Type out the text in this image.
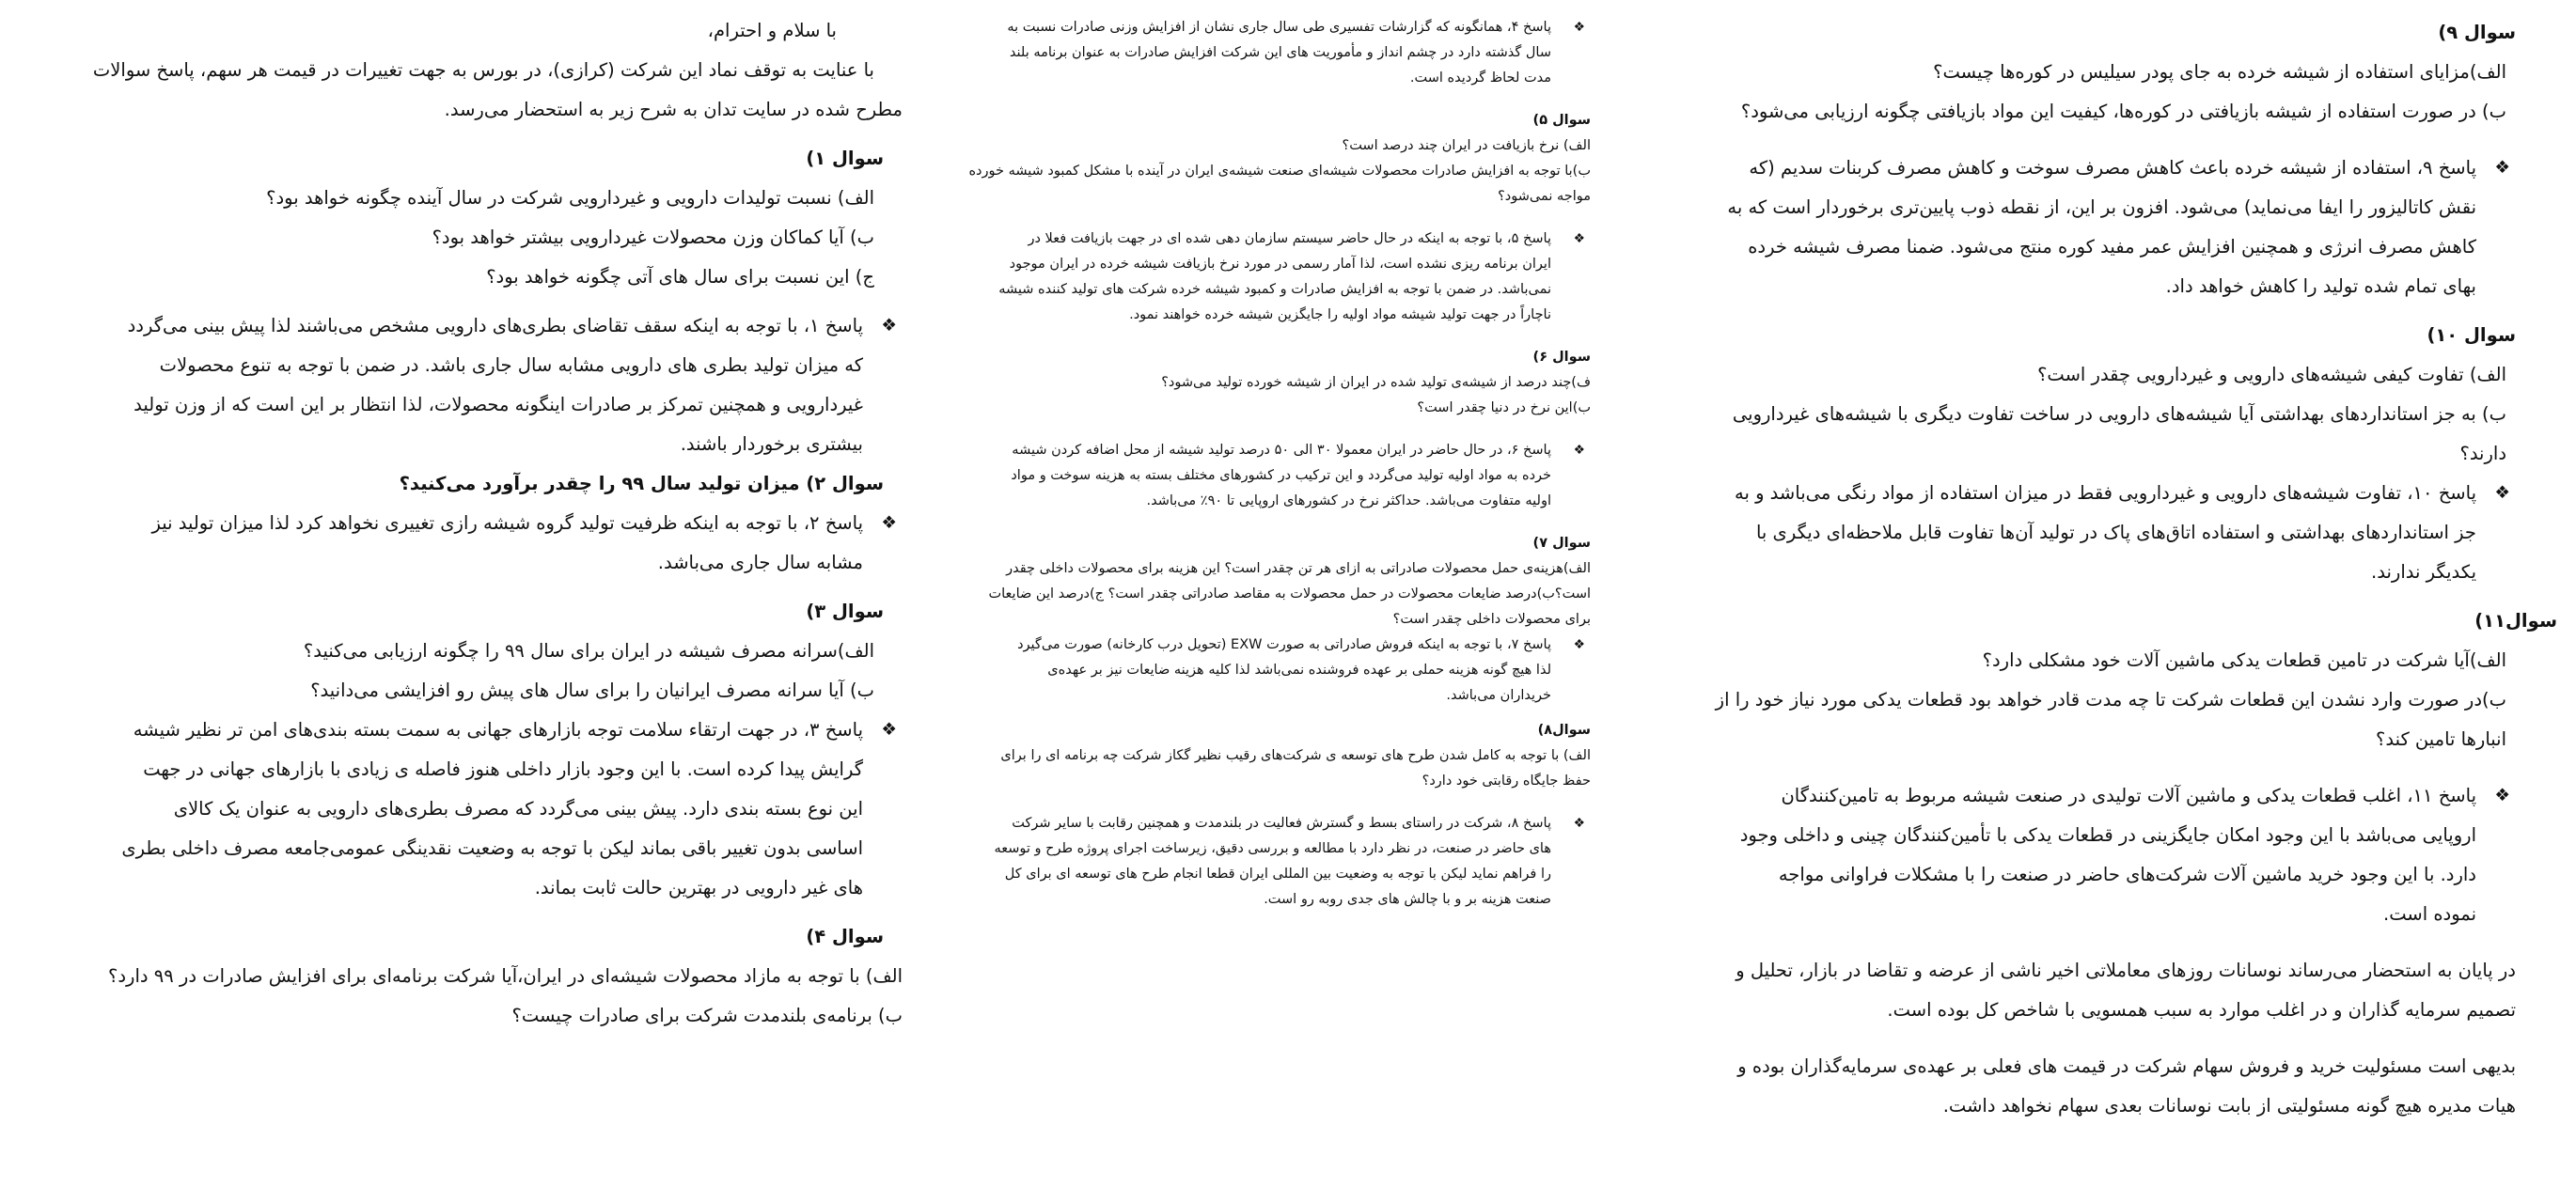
سوال ۹)
الف)مزایای استفاده از شیشه خرده به جای پودر سیلیس در کوره‌ها چیست؟
ب) در صورت استفاده از شیشه بازیافتی در کوره‌ها، کیفیت این مواد بازیافتی چگونه ارزیابی می‌شود؟
❖
پاسخ ۹، استفاده از شیشه خرده باعث کاهش مصرف سوخت و کاهش مصرف کربنات سدیم (که
نقش کاتالیزور را ایفا می‌نماید) می‌شود. افزون بر این، از نقطه ذوب پایین‌تری برخوردار است که به
کاهش مصرف انرژی و همچنین افزایش عمر مفید کوره منتج می‌شود. ضمنا مصرف شیشه خرده
بهای تمام شده تولید را کاهش خواهد داد.
سوال ۱۰)
الف) تفاوت کیفی شیشه‌های دارویی و غیردارویی چقدر است؟
ب) به جز استانداردهای بهداشتی آیا شیشه‌های دارویی در ساخت تفاوت دیگری با شیشه‌های غیردارویی
دارند؟
❖
پاسخ ۱۰، تفاوت شیشه‌های دارویی و غیردارویی فقط در میزان استفاده از مواد رنگی می‌باشد و به
جز استانداردهای بهداشتی و استفاده اتاق‌های پاک در تولید آن‌ها تفاوت قابل ملاحظه‌ای دیگری با
یکدیگر ندارند.
سوال۱۱)
الف)آیا شرکت در تامین قطعات یدکی ماشین آلات خود مشکلی دارد؟
ب)در صورت وارد نشدن این قطعات شرکت تا چه مدت قادر خواهد بود قطعات یدکی مورد نیاز خود را از
انبارها تامین کند؟
❖
پاسخ ۱۱، اغلب قطعات یدکی و ماشین آلات تولیدی در صنعت شیشه مربوط به تامین‌کنندگان
اروپایی می‌باشد با این وجود امکان جایگزینی در قطعات یدکی با تأمین‌کنندگان چینی و داخلی وجود
دارد. با این وجود خرید ماشین آلات شرکت‌های حاضر در صنعت را با مشکلات فراوانی مواجه
نموده است.
در پایان به استحضار می‌رساند نوسانات روزهای معاملاتی اخیر ناشی از عرضه و تقاضا در بازار، تحلیل و
تصمیم سرمایه گذاران و در اغلب موارد به سبب همسویی با شاخص کل بوده است.
بدیهی است مسئولیت خرید و فروش سهام شرکت در قیمت های فعلی بر عهده‌ی سرمایه‌گذاران بوده و
هیات مدیره هیچ گونه مسئولیتی از بابت نوسانات بعدی سهام نخواهد داشت.
❖
پاسخ ۴، همانگونه که گزارشات تفسیری طی سال جاری نشان از افزایش وزنی صادرات نسبت به
سال گذشته دارد در چشم انداز و مأموریت های این شرکت افزایش صادرات به عنوان برنامه بلند
مدت لحاظ گردیده است.
سوال ۵)
الف) نرخ بازیافت در ایران چند درصد است؟
ب)با توجه به افزایش صادرات محصولات شیشه‌ای صنعت شیشه‌ی ایران در آینده با مشکل کمبود شیشه خورده
مواجه نمی‌شود؟
❖
پاسخ ۵، با توجه به اینکه در حال حاضر سیستم سازمان دهی شده ای در جهت بازیافت فعلا در
ایران برنامه ریزی نشده است، لذا آمار رسمی در مورد نرخ بازیافت شیشه خرده در ایران موجود
نمی‌باشد. در ضمن با توجه به افزایش صادرات و کمبود شیشه خرده شرکت های تولید کننده شیشه
ناچاراً در جهت تولید شیشه مواد اولیه را جایگزین شیشه خرده خواهند نمود.
سوال ۶)
ف)چند درصد از شیشه‌ی تولید شده در ایران از شیشه خورده تولید می‌شود؟
ب)این نرخ در دنیا چقدر است؟
❖
پاسخ ۶، در حال حاضر در ایران معمولا ۳۰ الی ۵۰ درصد تولید شیشه از محل اضافه کردن شیشه
خرده به مواد اولیه تولید می‌گردد و این ترکیب در کشورهای مختلف بسته به هزینه سوخت و مواد
اولیه متفاوت می‌باشد. حداکثر نرخ در کشورهای اروپایی تا ۹۰٪ می‌باشد.
سوال ۷)
الف)هزینه‌ی حمل محصولات صادراتی به ازای هر تن چقدر است؟ این هزینه برای محصولات داخلی چقدر
است؟ب)درصد ضایعات محصولات در حمل محصولات به مقاصد صادراتی چقدر است؟ ج)درصد این ضایعات
برای محصولات داخلی چقدر است؟
❖
پاسخ ۷، با توجه به اینکه فروش صادراتی به صورت EXW (تحویل درب کارخانه) صورت می‌گیرد
لذا هیچ گونه هزینه حملی بر عهده فروشنده نمی‌باشد لذا کلیه هزینه ضایعات نیز بر عهده‌ی
خریداران می‌باشد.
سوال۸)
الف) با توجه به کامل شدن طرح های توسعه ی شرکت‌های رقیب نظیر گکاز شرکت چه برنامه ای را برای
حفظ جایگاه رقابتی خود دارد؟
❖
پاسخ ۸، شرکت در راستای بسط و گسترش فعالیت در بلندمدت و همچنین رقابت با سایر شرکت
های حاضر در صنعت، در نظر دارد با مطالعه و بررسی دقیق، زیرساخت اجرای پروژه طرح و توسعه
را فراهم نماید لیکن با توجه به وضعیت بین المللی ایران قطعا انجام طرح های توسعه ای برای کل
صنعت هزینه بر و با چالش های جدی روبه رو است.
با سلام و احترام،
با عنایت به توقف نماد این شرکت (کرازی)، در بورس به جهت تغییرات در قیمت هر سهم، پاسخ سوالات
مطرح شده در سایت تدان به شرح زیر به استحضار می‌رسد.
سوال ۱)
الف) نسبت تولیدات دارویی و غیردارویی شرکت در سال آینده چگونه خواهد بود؟
ب) آیا کماکان وزن محصولات غیردارویی بیشتر خواهد بود؟
ج) این نسبت برای سال های آتی چگونه خواهد بود؟
❖
پاسخ ۱، با توجه به اینکه سقف تقاضای بطری‌های دارویی مشخص می‌باشند لذا پیش بینی می‌گردد
که میزان تولید بطری های دارویی مشابه سال جاری باشد. در ضمن با توجه به تنوع محصولات
غیردارویی و همچنین تمرکز بر صادرات اینگونه محصولات، لذا انتظار بر این است که از وزن تولید
بیشتری برخوردار باشند.
سوال ۲) میزان تولید سال ۹۹ را چقدر برآورد می‌کنید؟
❖
پاسخ ۲، با توجه به اینکه ظرفیت تولید گروه شیشه رازی تغییری نخواهد کرد لذا میزان تولید نیز
مشابه سال جاری می‌باشد.
سوال ۳)
الف)سرانه مصرف شیشه در ایران برای سال ۹۹ را چگونه ارزیابی می‌کنید؟
ب) آیا سرانه مصرف ایرانیان را برای سال های پیش رو افزایشی می‌دانید؟
❖
پاسخ ۳، در جهت ارتقاء سلامت توجه بازارهای جهانی به سمت بسته بندی‌های امن تر نظیر شیشه
گرایش پیدا کرده است. با این وجود بازار داخلی هنوز فاصله ی زیادی با بازارهای جهانی در جهت
این نوع بسته بندی دارد. پیش بینی می‌گردد که مصرف بطری‌های دارویی به عنوان یک کالای
اساسی بدون تغییر باقی بماند لیکن با توجه به وضعیت نقدینگی عمومی‌جامعه مصرف داخلی بطری
های غیر دارویی در بهترین حالت ثابت بماند.
سوال ۴)
الف) با توجه به مازاد محصولات شیشه‌ای در ایران،آیا شرکت برنامه‌ای برای افزایش صادرات در ۹۹ دارد؟
ب) برنامه‌ی بلندمدت شرکت برای صادرات چیست؟
